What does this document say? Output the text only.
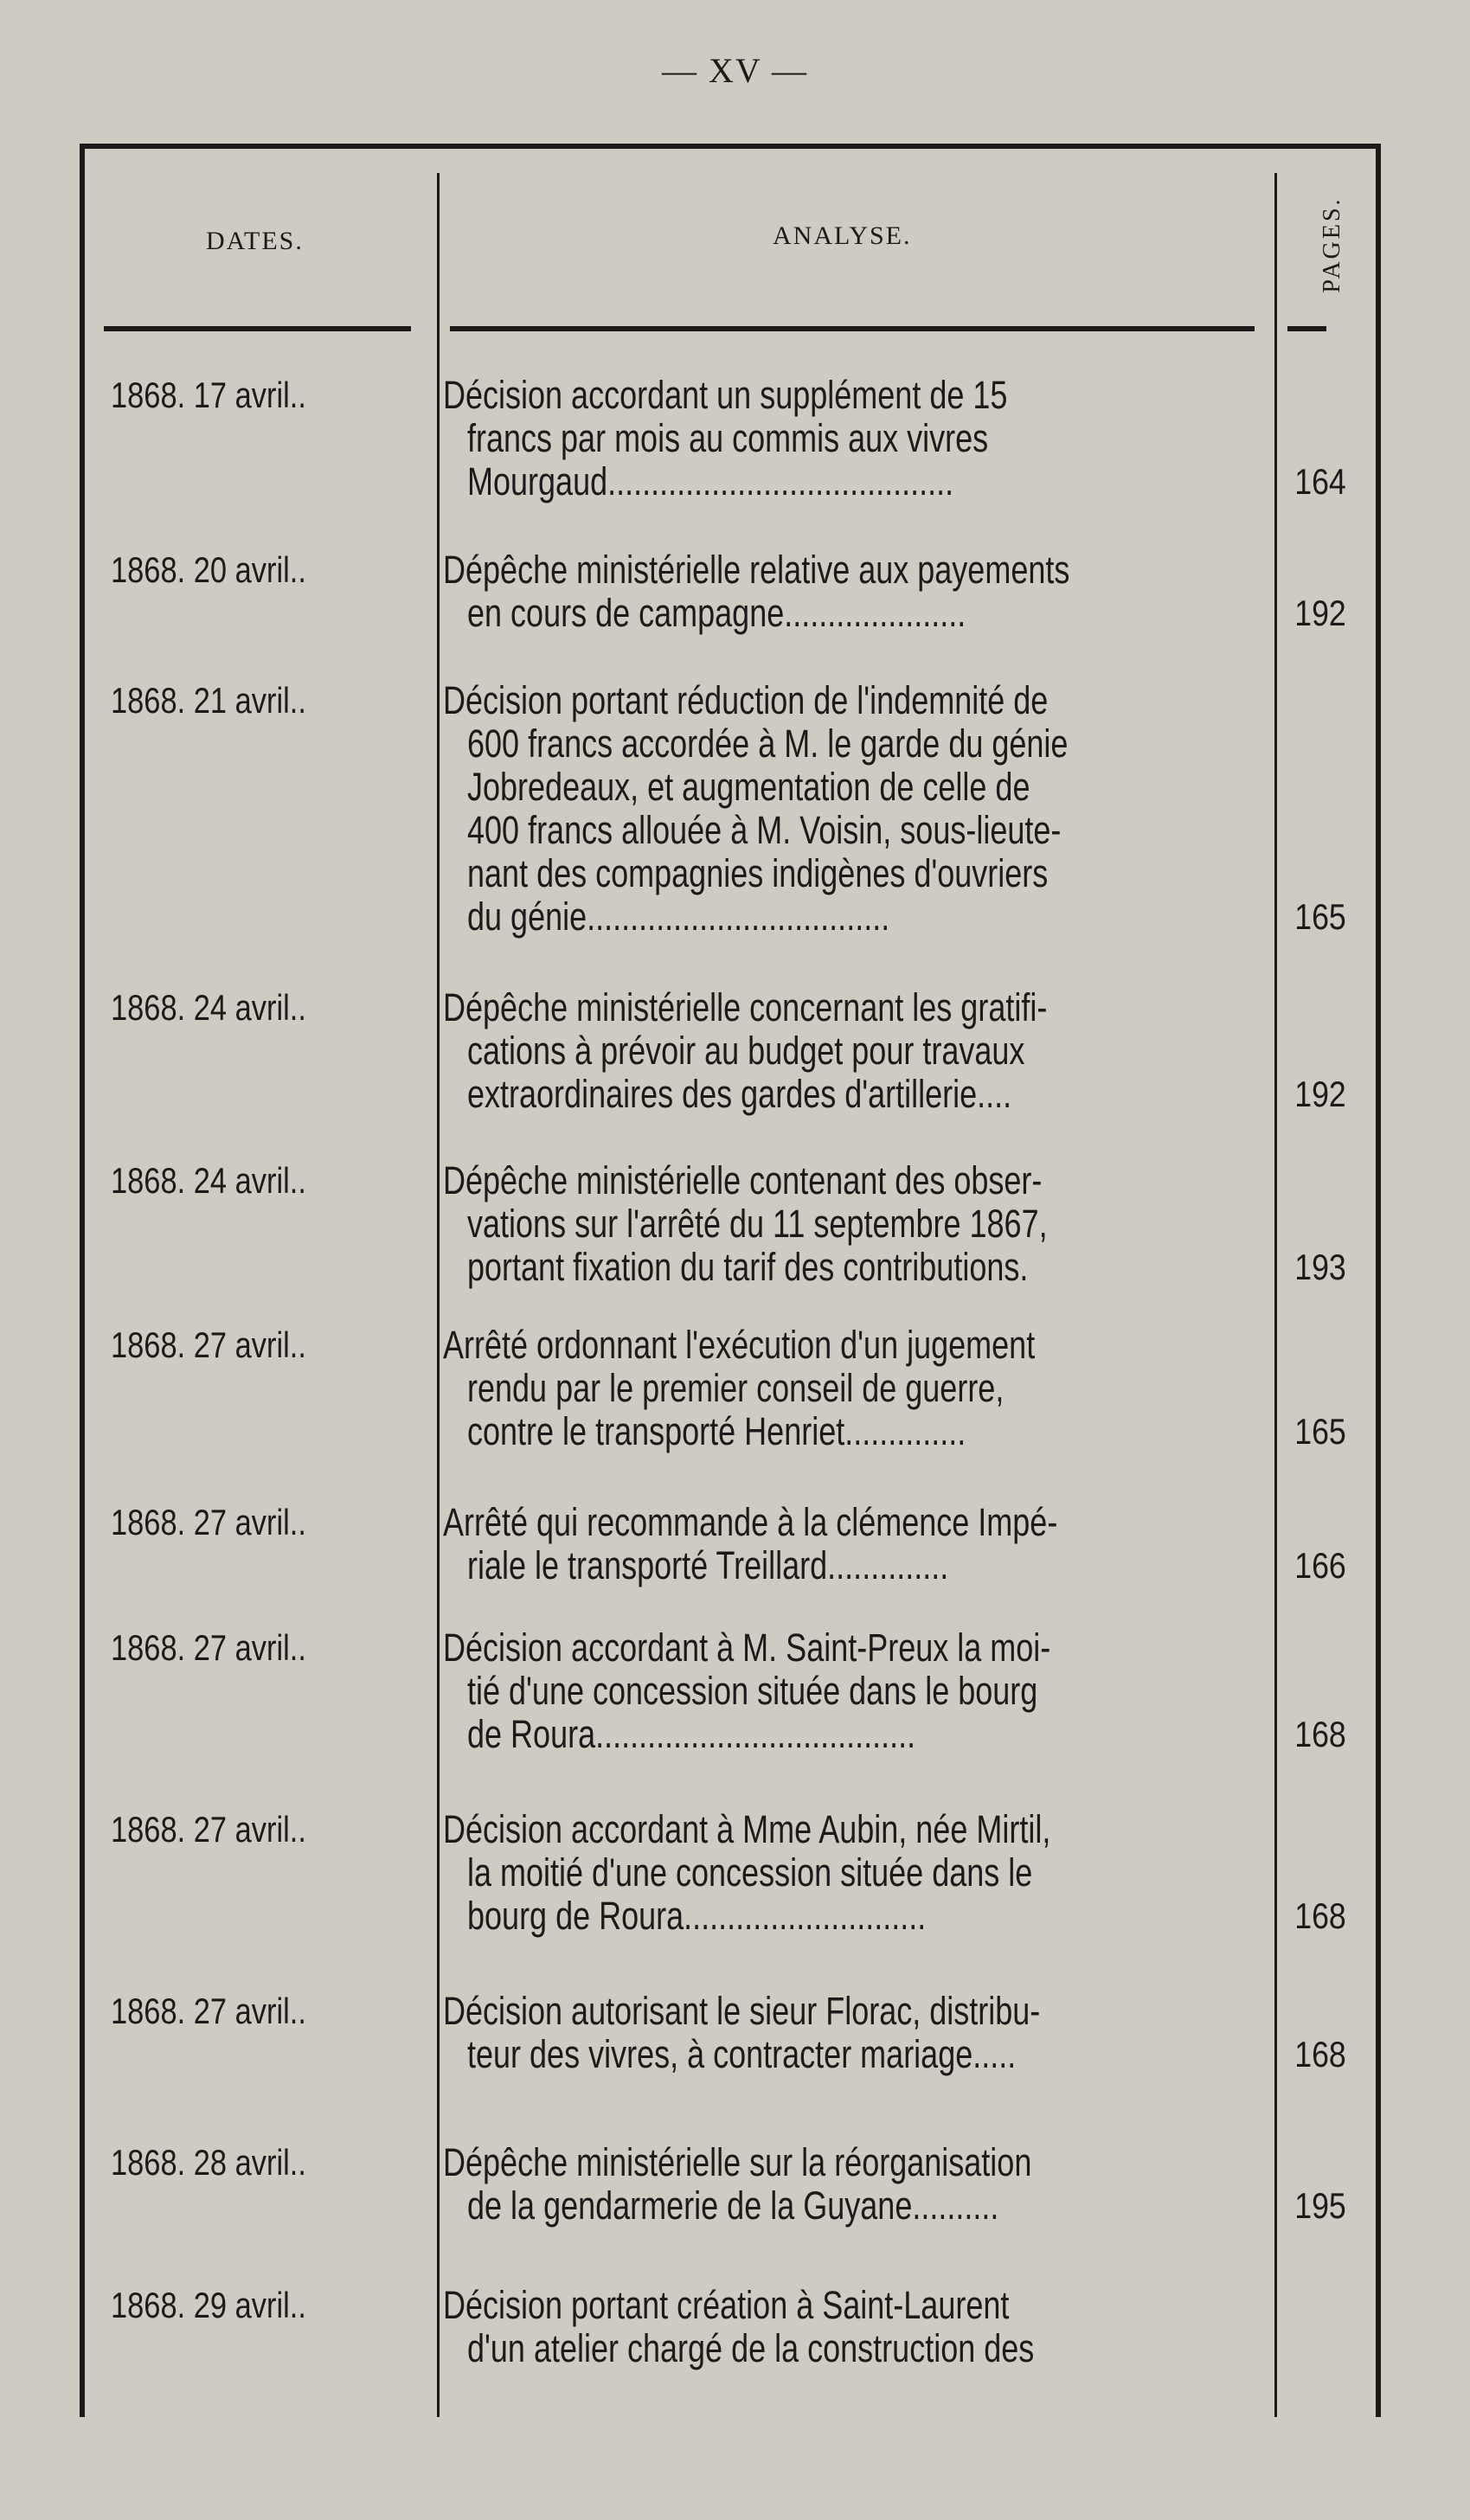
— XV —
DATES.	ANALYSE.	PAGES.
1868. 17 avril..	Décision accordant un supplément de 15
francs par mois au commis aux vivres
Mourgaud........................................	164
1868. 20 avril..	Dépêche ministérielle relative aux payements
en cours de campagne.....................	192
1868. 21 avril..	Décision portant réduction de l'indemnité de
600 francs accordée à M. le garde du génie
Jobredeaux, et augmentation de celle de
400 francs allouée à M. Voisin, sous-lieute-
nant des compagnies indigènes d'ouvriers
du génie...................................	165
1868. 24 avril..	Dépêche ministérielle concernant les gratifi-
cations à prévoir au budget pour travaux
extraordinaires des gardes d'artillerie....	192
1868. 24 avril..	Dépêche ministérielle contenant des obser-
vations sur l'arrêté du 11 septembre 1867,
portant fixation du tarif des contributions.	193
1868. 27 avril..	Arrêté ordonnant l'exécution d'un jugement
rendu par le premier conseil de guerre,
contre le transporté Henriet..............	165
1868. 27 avril..	Arrêté qui recommande à la clémence Impé-
riale le transporté Treillard..............	166
1868. 27 avril..	Décision accordant à M. Saint-Preux la moi-
tié d'une concession située dans le bourg
de Roura.....................................	168
1868. 27 avril..	Décision accordant à Mme Aubin, née Mirtil,
la moitié d'une concession située dans le
bourg de Roura............................	168
1868. 27 avril..	Décision autorisant le sieur Florac, distribu-
teur des vivres, à contracter mariage.....	168
1868. 28 avril..	Dépêche ministérielle sur la réorganisation
de la gendarmerie de la Guyane..........	195
1868. 29 avril..	Décision portant création à Saint-Laurent
d'un atelier chargé de la construction des
